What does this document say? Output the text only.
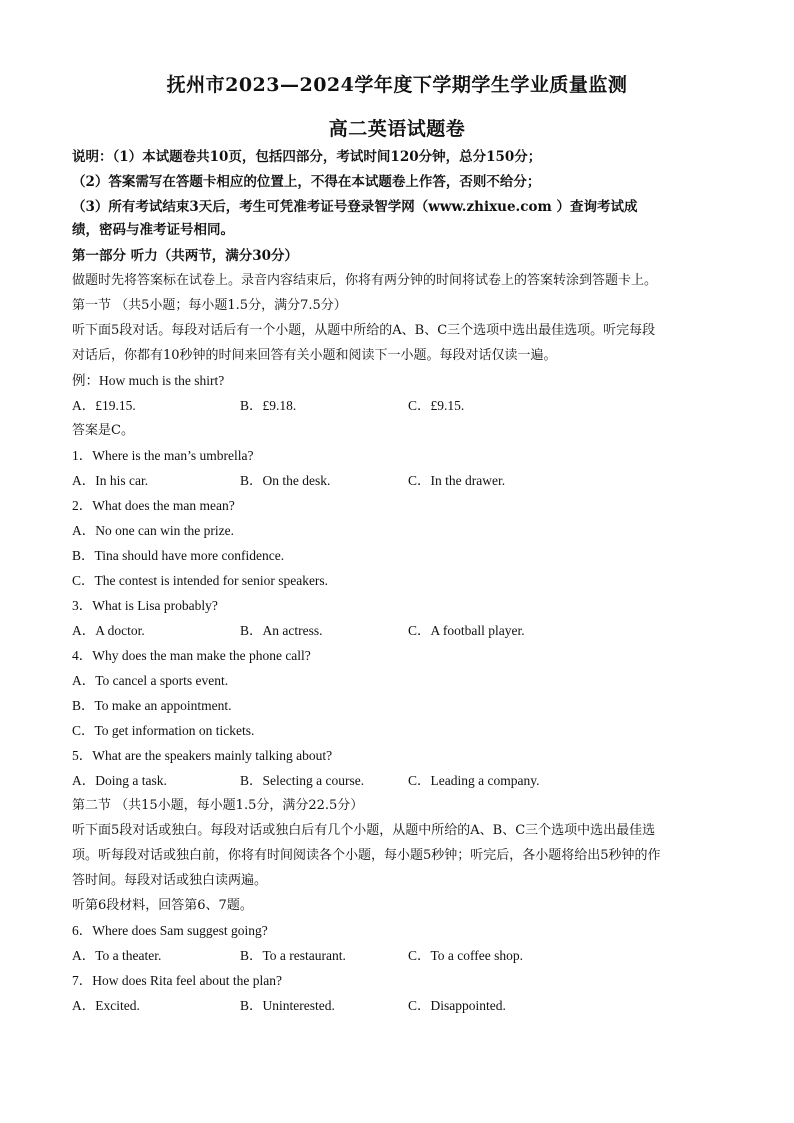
抚州市2023—2024学年度下学期学生学业质量监测
高二英语试题卷
说明：（1）本试题卷共10页，包括四部分，考试时间120分钟，总分150分；
（2）答案需写在答题卡相应的位置上，不得在本试题卷上作答，否则不给分；
（3）所有考试结束3天后，考生可凭准考证号登录智学网（www.zhixue.com ）查询考试成
绩，密码与准考证号相同。
第一部分 听力（共两节，满分30分）
做题时先将答案标在试卷上。录音内容结束后，你将有两分钟的时间将试卷上的答案转涂到答题卡上。
第一节 （共5小题；每小题1.5分，满分7.5分）
听下面5段对话。每段对话后有一个小题，从题中所给的A、B、C三个选项中选出最佳选项。听完每段
对话后，你都有10秒钟的时间来回答有关小题和阅读下一小题。每段对话仅读一遍。
例：How much is the shirt?
A．£19.15.	B．£9.18.	C．£9.15.
答案是C。
1．Where is the man’s umbrella?
A．In his car.	B．On the desk.	C．In the drawer.
2．What does the man mean?
A．No one can win the prize.
B．Tina should have more confidence.
C．The contest is intended for senior speakers.
3．What is Lisa probably?
A．A doctor.	B．An actress.	C．A football player.
4．Why does the man make the phone call?
A．To cancel a sports event.
B．To make an appointment.
C．To get information on tickets.
5．What are the speakers mainly talking about?
A．Doing a task.	B．Selecting a course.	C．Leading a company.
第二节 （共15小题，每小题1.5分，满分22.5分）
听下面5段对话或独白。每段对话或独白后有几个小题，从题中所给的A、B、C三个选项中选出最佳选
项。听每段对话或独白前，你将有时间阅读各个小题，每小题5秒钟；听完后，各小题将给出5秒钟的作
答时间。每段对话或独白读两遍。
听第6段材料，回答第6、7题。
6．Where does Sam suggest going?
A．To a theater.	B．To a restaurant.	C．To a coffee shop.
7．How does Rita feel about the plan?
A．Excited.	B．Uninterested.	C．Disappointed.
